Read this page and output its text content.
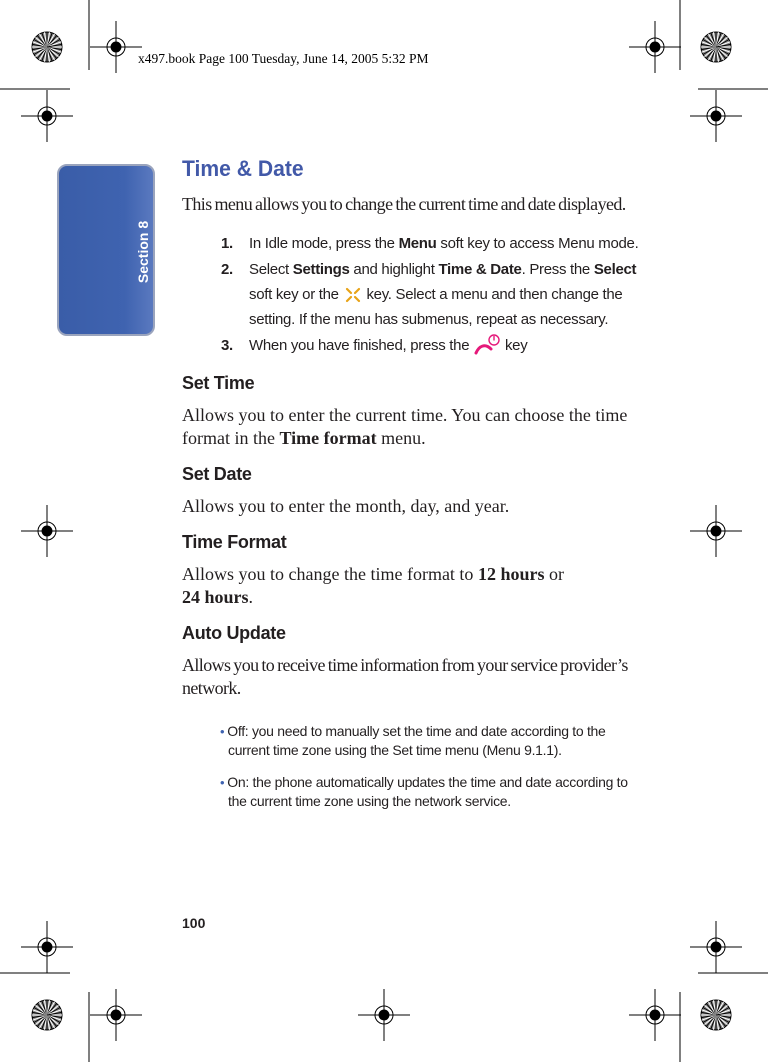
x497.book Page 100 Tuesday, June 14, 2005 5:32 PM
Section 8
Time & Date

This menu allows you to change the current time and date displayed.

1. In Idle mode, press the Menu soft key to access Menu mode.
2. Select Settings and highlight Time & Date. Press the Select soft key or the  key. Select a menu and then change the setting. If the menu has submenus, repeat as necessary.
3. When you have finished, press the  key
Set Time

Allows you to enter the current time. You can choose the time format in the Time format menu.

Set Date

Allows you to enter the month, day, and year.

Time Format

Allows you to change the time format to 12 hours or
24 hours.

Auto Update

Allows you to receive time information from your service provider’s network.

• Off: you need to manually set the time and date according to the current time zone using the Set time menu (Menu 9.1.1).
• On: the phone automatically updates the time and date according to the current time zone using the network service.
100
